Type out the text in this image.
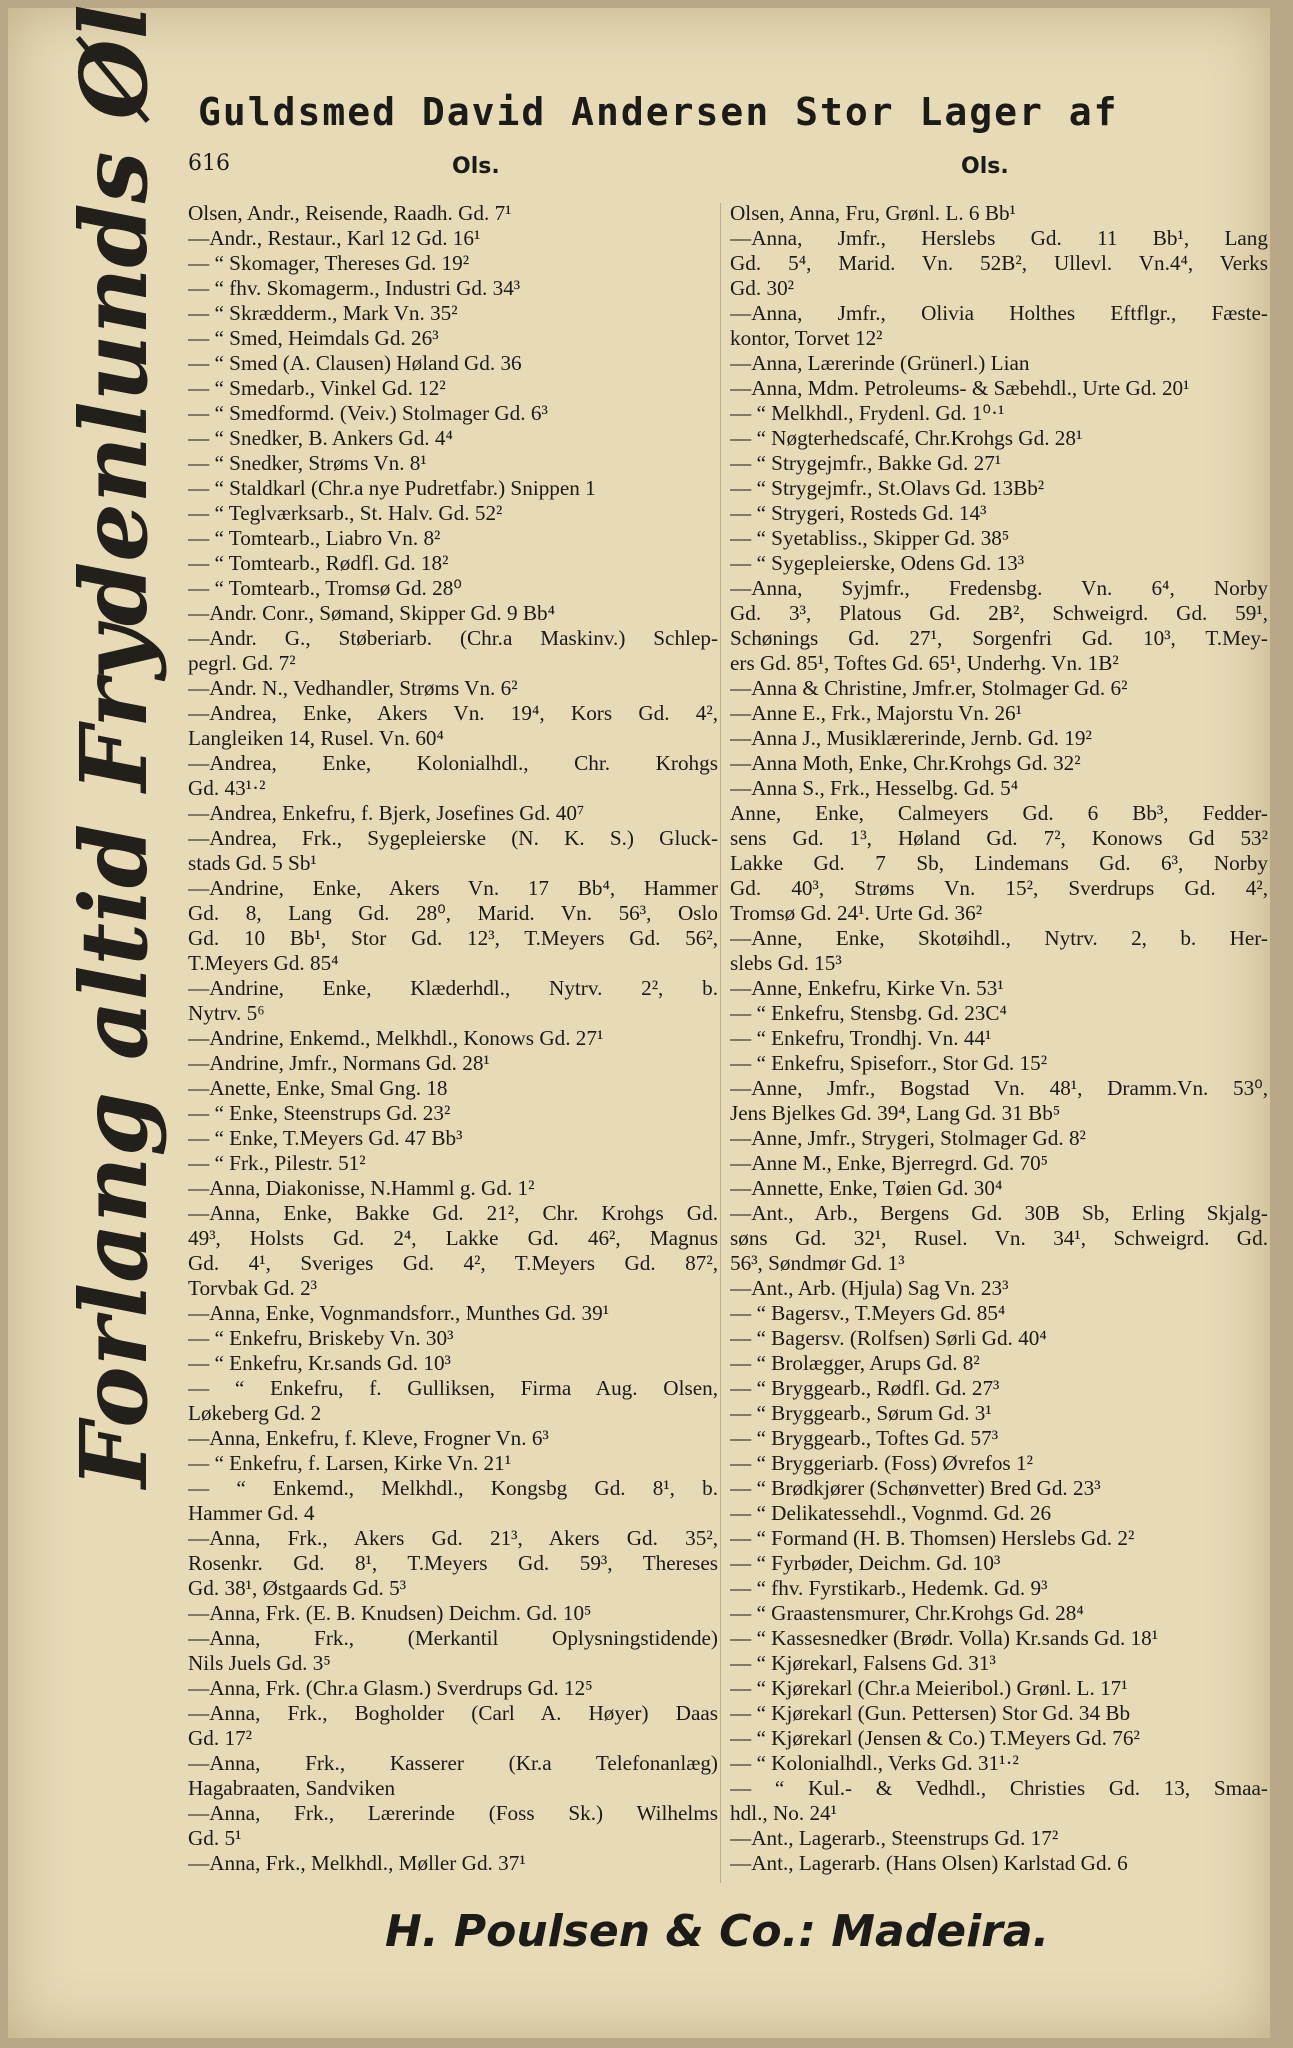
Guldsmed David Andersen Stor Lager af
616	Ols.	Ols.
Forlang altid Frydenlunds Øl Olsen, Andr., Reisende, Raadh. Gd. 7¹
—Andr., Restaur., Karl 12 Gd. 16¹
— “ Skomager, Thereses Gd. 19²
— “ fhv. Skomagerm., Industri Gd. 34³
— “ Skrædderm., Mark Vn. 35²
— “ Smed, Heimdals Gd. 26³
— “ Smed (A. Clausen) Høland Gd. 36
— “ Smedarb., Vinkel Gd. 12²
— “ Smedformd. (Veiv.) Stolmager Gd. 6³
— “ Snedker, B. Ankers Gd. 4⁴
— “ Snedker, Strøms Vn. 8¹
— “ Staldkarl (Chr.a nye Pudretfabr.) Snippen 1
— “ Teglværksarb., St. Halv. Gd. 52²
— “ Tomtearb., Liabro Vn. 8²
— “ Tomtearb., Rødfl. Gd. 18²
— “ Tomtearb., Tromsø Gd. 28⁰
—Andr. Conr., Sømand, Skipper Gd. 9 Bb⁴
—Andr. G., Støberiarb. (Chr.a Maskinv.) Schlep-
pegrl. Gd. 7²
—Andr. N., Vedhandler, Strøms Vn. 6²
—Andrea, Enke, Akers Vn. 19⁴, Kors Gd. 4²,
Langleiken 14, Rusel. Vn. 60⁴
—Andrea, Enke, Kolonialhdl., Chr. Krohgs
Gd. 43¹·²
—Andrea, Enkefru, f. Bjerk, Josefines Gd. 40⁷
—Andrea, Frk., Sygepleierske (N. K. S.) Gluck-
stads Gd. 5 Sb¹
—Andrine, Enke, Akers Vn. 17 Bb⁴, Hammer
Gd. 8, Lang Gd. 28⁰, Marid. Vn. 56³, Oslo
Gd. 10 Bb¹, Stor Gd. 12³, T.Meyers Gd. 56²,
T.Meyers Gd. 85⁴
—Andrine, Enke, Klæderhdl., Nytrv. 2², b.
Nytrv. 5⁶
—Andrine, Enkemd., Melkhdl., Konows Gd. 27¹
—Andrine, Jmfr., Normans Gd. 28¹
—Anette, Enke, Smal Gng. 18
— “ Enke, Steenstrups Gd. 23²
— “ Enke, T.Meyers Gd. 47 Bb³
— “ Frk., Pilestr. 51²
—Anna, Diakonisse, N.Hamml g. Gd. 1²
—Anna, Enke, Bakke Gd. 21², Chr. Krohgs Gd.
49³, Holsts Gd. 2⁴, Lakke Gd. 46², Magnus
Gd. 4¹, Sveriges Gd. 4², T.Meyers Gd. 87²,
Torvbak Gd. 2³
—Anna, Enke, Vognmandsforr., Munthes Gd. 39¹
— “ Enkefru, Briskeby Vn. 30³
— “ Enkefru, Kr.sands Gd. 10³
— “ Enkefru, f. Gulliksen, Firma Aug. Olsen,
Løkeberg Gd. 2
—Anna, Enkefru, f. Kleve, Frogner Vn. 6³
— “ Enkefru, f. Larsen, Kirke Vn. 21¹
— “ Enkemd., Melkhdl., Kongsbg Gd. 8¹, b.
Hammer Gd. 4
—Anna, Frk., Akers Gd. 21³, Akers Gd. 35²,
Rosenkr. Gd. 8¹, T.Meyers Gd. 59³, Thereses
Gd. 38¹, Østgaards Gd. 5³
—Anna, Frk. (E. B. Knudsen) Deichm. Gd. 10⁵
—Anna, Frk., (Merkantil Oplysningstidende)
Nils Juels Gd. 3⁵
—Anna, Frk. (Chr.a Glasm.) Sverdrups Gd. 12⁵
—Anna, Frk., Bogholder (Carl A. Høyer) Daas
Gd. 17²
—Anna, Frk., Kasserer (Kr.a Telefonanlæg)
Hagabraaten, Sandviken
—Anna, Frk., Lærerinde (Foss Sk.) Wilhelms
Gd. 5¹
—Anna, Frk., Melkhdl., Møller Gd. 37¹
Olsen, Anna, Fru, Grønl. L. 6 Bb¹
—Anna, Jmfr., Herslebs Gd. 11 Bb¹, Lang
Gd. 5⁴, Marid. Vn. 52B², Ullevl. Vn.4⁴, Verks
Gd. 30²
—Anna, Jmfr., Olivia Holthes Eftflgr., Fæste-
kontor, Torvet 12²
—Anna, Lærerinde (Grünerl.) Lian
—Anna, Mdm. Petroleums- & Sæbehdl., Urte Gd. 20¹
— “ Melkhdl., Frydenl. Gd. 1⁰·¹
— “ Nøgterhedscafé, Chr.Krohgs Gd. 28¹
— “ Strygejmfr., Bakke Gd. 27¹
— “ Strygejmfr., St.Olavs Gd. 13Bb²
— “ Strygeri, Rosteds Gd. 14³
— “ Syetabliss., Skipper Gd. 38⁵
— “ Sygepleierske, Odens Gd. 13³
—Anna, Syjmfr., Fredensbg. Vn. 6⁴, Norby
Gd. 3³, Platous Gd. 2B², Schweigrd. Gd. 59¹,
Schønings Gd. 27¹, Sorgenfri Gd. 10³, T.Mey-
ers Gd. 85¹, Toftes Gd. 65¹, Underhg. Vn. 1B²
—Anna & Christine, Jmfr.er, Stolmager Gd. 6²
—Anne E., Frk., Majorstu Vn. 26¹
—Anna J., Musiklærerinde, Jernb. Gd. 19²
—Anna Moth, Enke, Chr.Krohgs Gd. 32²
—Anna S., Frk., Hesselbg. Gd. 5⁴
Anne, Enke, Calmeyers Gd. 6 Bb³, Fedder-
sens Gd. 1³, Høland Gd. 7², Konows Gd 53²
Lakke Gd. 7 Sb, Lindemans Gd. 6³, Norby
Gd. 40³, Strøms Vn. 15², Sverdrups Gd. 4²,
Tromsø Gd. 24¹. Urte Gd. 36²
—Anne, Enke, Skotøihdl., Nytrv. 2, b. Her-
slebs Gd. 15³
—Anne, Enkefru, Kirke Vn. 53¹
— “ Enkefru, Stensbg. Gd. 23C⁴
— “ Enkefru, Trondhj. Vn. 44¹
— “ Enkefru, Spiseforr., Stor Gd. 15²
—Anne, Jmfr., Bogstad Vn. 48¹, Dramm.Vn. 53⁰,
Jens Bjelkes Gd. 39⁴, Lang Gd. 31 Bb⁵
—Anne, Jmfr., Strygeri, Stolmager Gd. 8²
—Anne M., Enke, Bjerregrd. Gd. 70⁵
—Annette, Enke, Tøien Gd. 30⁴
—Ant., Arb., Bergens Gd. 30B Sb, Erling Skjalg-
søns Gd. 32¹, Rusel. Vn. 34¹, Schweigrd. Gd.
56³, Søndmør Gd. 1³
—Ant., Arb. (Hjula) Sag Vn. 23³
— “ Bagersv., T.Meyers Gd. 85⁴
— “ Bagersv. (Rolfsen) Sørli Gd. 40⁴
— “ Brolægger, Arups Gd. 8²
— “ Bryggearb., Rødfl. Gd. 27³
— “ Bryggearb., Sørum Gd. 3¹
— “ Bryggearb., Toftes Gd. 57³
— “ Bryggeriarb. (Foss) Øvrefos 1²
— “ Brødkjører (Schønvetter) Bred Gd. 23³
— “ Delikatessehdl., Vognmd. Gd. 26
— “ Formand (H. B. Thomsen) Herslebs Gd. 2²
— “ Fyrbøder, Deichm. Gd. 10³
— “ fhv. Fyrstikarb., Hedemk. Gd. 9³
— “ Graastensmurer, Chr.Krohgs Gd. 28⁴
— “ Kassesnedker (Brødr. Volla) Kr.sands Gd. 18¹
— “ Kjørekarl, Falsens Gd. 31³
— “ Kjørekarl (Chr.a Meieribol.) Grønl. L. 17¹
— “ Kjørekarl (Gun. Pettersen) Stor Gd. 34 Bb
— “ Kjørekarl (Jensen & Co.) T.Meyers Gd. 76²
— “ Kolonialhdl., Verks Gd. 31¹·²
— “ Kul.- & Vedhdl., Christies Gd. 13, Smaa-
hdl., No. 24¹
—Ant., Lagerarb., Steenstrups Gd. 17²
—Ant., Lagerarb. (Hans Olsen) Karlstad Gd. 6
H. Poulsen & Co.: Madeira.
